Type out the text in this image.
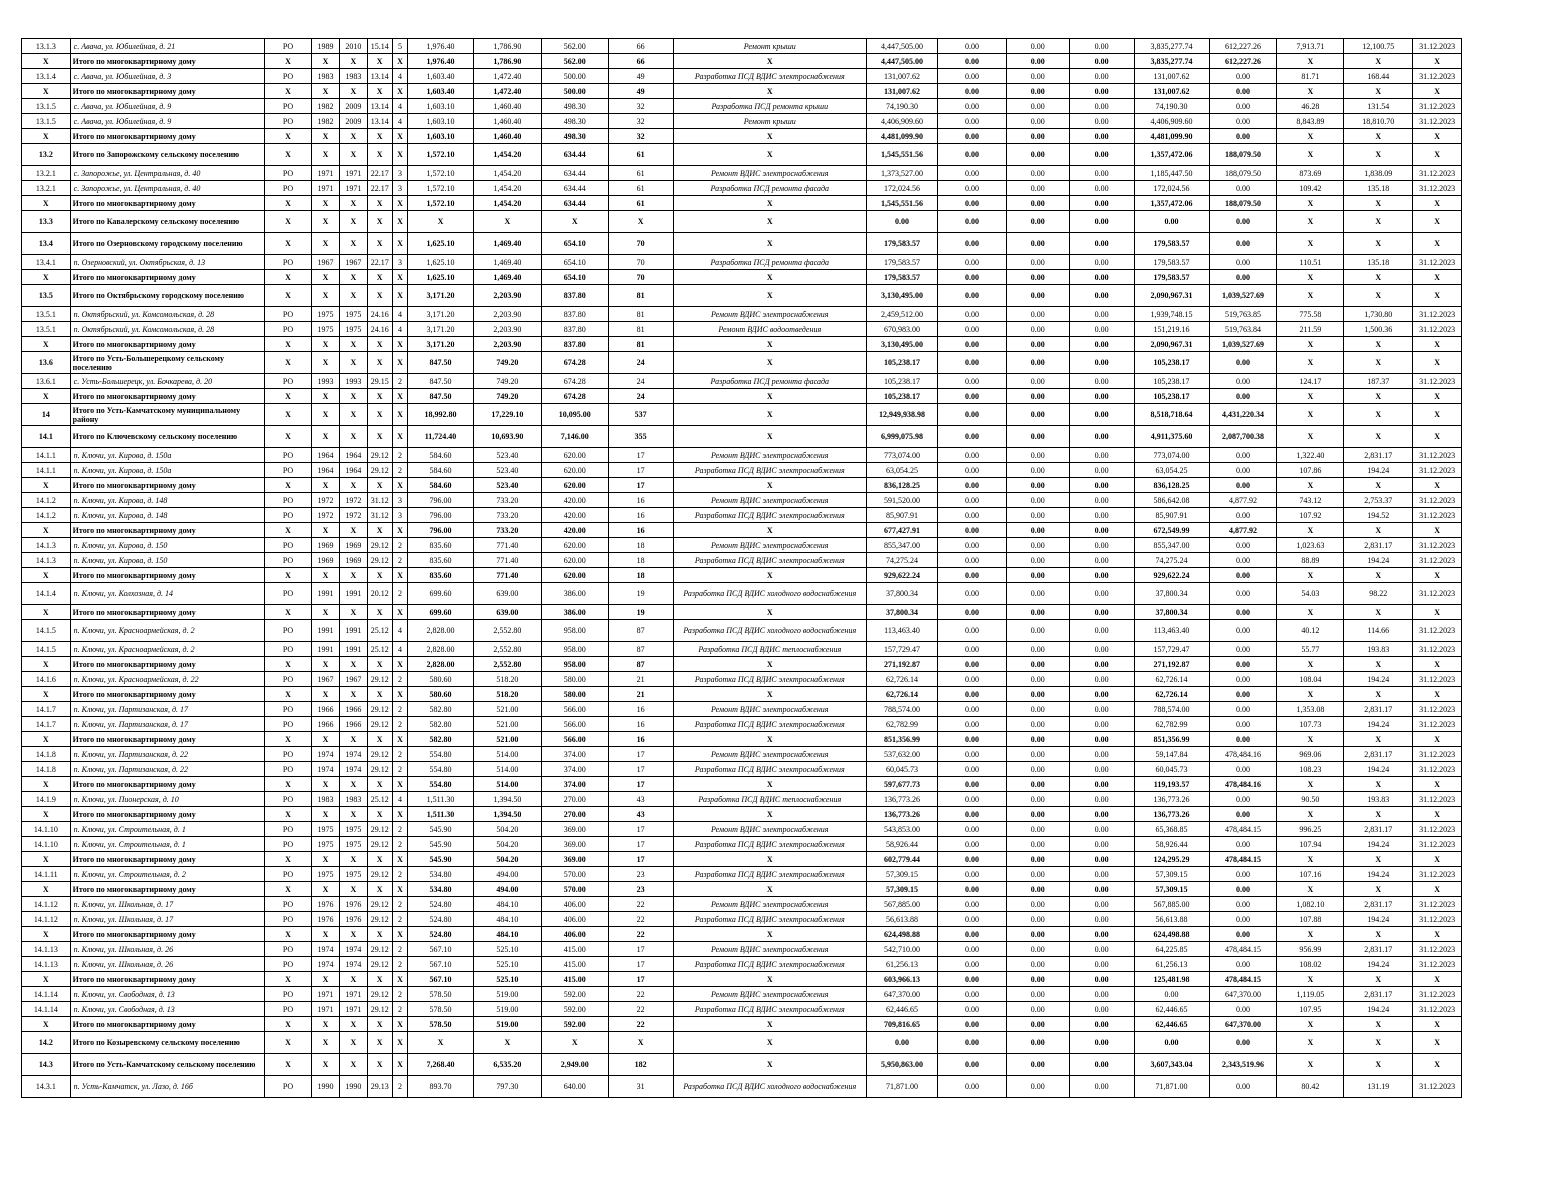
13.1.3	с. Авача, ул. Юбилейная, д. 21	РО	1989	2010	15.14	5	1,976.40	1,786.90	562.00	66	Ремонт крыши	4,447,505.00	0.00	0.00	0.00	3,835,277.74	612,227.26	7,913.71	12,100.75	31.12.2023
X	Итого по многоквартирному дому	X	X	X	X	X	1,976.40	1,786.90	562.00	66	X	4,447,505.00	0.00	0.00	0.00	3,835,277.74	612,227.26	X	X	X
13.1.4	с. Авача, ул. Юбилейная, д. 3	РО	1983	1983	13.14	4	1,603.40	1,472.40	500.00	49	Разработка ПСД ВДИС электроснабжения	131,007.62	0.00	0.00	0.00	131,007.62	0.00	81.71	168.44	31.12.2023
X	Итого по многоквартирному дому	X	X	X	X	X	1,603.40	1,472.40	500.00	49	X	131,007.62	0.00	0.00	0.00	131,007.62	0.00	X	X	X
13.1.5	с. Авача, ул. Юбилейная, д. 9	РО	1982	2009	13.14	4	1,603.10	1,460.40	498.30	32	Разработка ПСД ремонта крыши	74,190.30	0.00	0.00	0.00	74,190.30	0.00	46.28	131.54	31.12.2023
13.1.5	с. Авача, ул. Юбилейная, д. 9	РО	1982	2009	13.14	4	1,603.10	1,460.40	498.30	32	Ремонт крыши	4,406,909.60	0.00	0.00	0.00	4,406,909.60	0.00	8,843.89	18,810.70	31.12.2023
X	Итого по многоквартирному дому	X	X	X	X	X	1,603.10	1,460.40	498.30	32	X	4,481,099.90	0.00	0.00	0.00	4,481,099.90	0.00	X	X	X
13.2	Итого по Запорожскому сельскому поселению	X	X	X	X	X	1,572.10	1,454.20	634.44	61	X	1,545,551.56	0.00	0.00	0.00	1,357,472.06	188,079.50	X	X	X
13.2.1	с. Запорожье, ул. Центральная, д. 40	РО	1971	1971	22.17	3	1,572.10	1,454.20	634.44	61	Ремонт ВДИС электроснабжения	1,373,527.00	0.00	0.00	0.00	1,185,447.50	188,079.50	873.69	1,838.09	31.12.2023
13.2.1	с. Запорожье, ул. Центральная, д. 40	РО	1971	1971	22.17	3	1,572.10	1,454.20	634.44	61	Разработка ПСД ремонта фасада	172,024.56	0.00	0.00	0.00	172,024.56	0.00	109.42	135.18	31.12.2023
X	Итого по многоквартирному дому	X	X	X	X	X	1,572.10	1,454.20	634.44	61	X	1,545,551.56	0.00	0.00	0.00	1,357,472.06	188,079.50	X	X	X
13.3	Итого по Кавалерскому сельскому поселению	X	X	X	X	X	X	X	X	X	X	0.00	0.00	0.00	0.00	0.00	0.00	X	X	X
13.4	Итого по Озерновскому городскому поселению	X	X	X	X	X	1,625.10	1,469.40	654.10	70	X	179,583.57	0.00	0.00	0.00	179,583.57	0.00	X	X	X
13.4.1	п. Озерновский, ул. Октябрьская, д. 13	РО	1967	1967	22.17	3	1,625.10	1,469.40	654.10	70	Разработка ПСД ремонта фасада	179,583.57	0.00	0.00	0.00	179,583.57	0.00	110.51	135.18	31.12.2023
X	Итого по многоквартирному дому	X	X	X	X	X	1,625.10	1,469.40	654.10	70	X	179,583.57	0.00	0.00	0.00	179,583.57	0.00	X	X	X
13.5	Итого по Октябрьскому городскому поселению	X	X	X	X	X	3,171.20	2,203.90	837.80	81	X	3,130,495.00	0.00	0.00	0.00	2,090,967.31	1,039,527.69	X	X	X
13.5.1	п. Октябрьский, ул. Комсомольская, д. 28	РО	1975	1975	24.16	4	3,171.20	2,203.90	837.80	81	Ремонт ВДИС электроснабжения	2,459,512.00	0.00	0.00	0.00	1,939,748.15	519,763.85	775.58	1,730.80	31.12.2023
13.5.1	п. Октябрьский, ул. Комсомольская, д. 28	РО	1975	1975	24.16	4	3,171.20	2,203.90	837.80	81	Ремонт ВДИС водоотведения	670,983.00	0.00	0.00	0.00	151,219.16	519,763.84	211.59	1,500.36	31.12.2023
X	Итого по многоквартирному дому	X	X	X	X	X	3,171.20	2,203.90	837.80	81	X	3,130,495.00	0.00	0.00	0.00	2,090,967.31	1,039,527.69	X	X	X
13.6	Итого по Усть-Большерецкому сельскому поселению	X	X	X	X	X	847.50	749.20	674.28	24	X	105,238.17	0.00	0.00	0.00	105,238.17	0.00	X	X	X
13.6.1	с. Усть-Большерецк, ул. Бочкарева, д. 20	РО	1993	1993	29.15	2	847.50	749.20	674.28	24	Разработка ПСД ремонта фасада	105,238.17	0.00	0.00	0.00	105,238.17	0.00	124.17	187.37	31.12.2023
X	Итого по многоквартирному дому	X	X	X	X	X	847.50	749.20	674.28	24	X	105,238.17	0.00	0.00	0.00	105,238.17	0.00	X	X	X
14	Итого по Усть-Камчатскому муниципальному району	X	X	X	X	X	18,992.80	17,229.10	10,095.00	537	X	12,949,938.98	0.00	0.00	0.00	8,518,718.64	4,431,220.34	X	X	X
14.1	Итого по Ключевскому сельскому поселению	X	X	X	X	X	11,724.40	10,693.90	7,146.00	355	X	6,999,075.98	0.00	0.00	0.00	4,911,375.60	2,087,700.38	X	X	X
14.1.1	п. Ключи, ул. Кирова, д. 150а	РО	1964	1964	29.12	2	584.60	523.40	620.00	17	Ремонт ВДИС электроснабжения	773,074.00	0.00	0.00	0.00	773,074.00	0.00	1,322.40	2,831.17	31.12.2023
14.1.1	п. Ключи, ул. Кирова, д. 150а	РО	1964	1964	29.12	2	584.60	523.40	620.00	17	Разработка ПСД ВДИС электроснабжения	63,054.25	0.00	0.00	0.00	63,054.25	0.00	107.86	194.24	31.12.2023
X	Итого по многоквартирному дому	X	X	X	X	X	584.60	523.40	620.00	17	X	836,128.25	0.00	0.00	0.00	836,128.25	0.00	X	X	X
14.1.2	п. Ключи, ул. Кирова, д. 148	РО	1972	1972	31.12	3	796.00	733.20	420.00	16	Ремонт ВДИС электроснабжения	591,520.00	0.00	0.00	0.00	586,642.08	4,877.92	743.12	2,753.37	31.12.2023
14.1.2	п. Ключи, ул. Кирова, д. 148	РО	1972	1972	31.12	3	796.00	733.20	420.00	16	Разработка ПСД ВДИС электроснабжения	85,907.91	0.00	0.00	0.00	85,907.91	0.00	107.92	194.52	31.12.2023
X	Итого по многоквартирному дому	X	X	X	X	X	796.00	733.20	420.00	16	X	677,427.91	0.00	0.00	0.00	672,549.99	4,877.92	X	X	X
14.1.3	п. Ключи, ул. Кирова, д. 150	РО	1969	1969	29.12	2	835.60	771.40	620.00	18	Ремонт ВДИС электроснабжения	855,347.00	0.00	0.00	0.00	855,347.00	0.00	1,023.63	2,831.17	31.12.2023
14.1.3	п. Ключи, ул. Кирова, д. 150	РО	1969	1969	29.12	2	835.60	771.40	620.00	18	Разработка ПСД ВДИС электроснабжения	74,275.24	0.00	0.00	0.00	74,275.24	0.00	88.89	194.24	31.12.2023
X	Итого по многоквартирному дому	X	X	X	X	X	835.60	771.40	620.00	18	X	929,622.24	0.00	0.00	0.00	929,622.24	0.00	X	X	X
14.1.4	п. Ключи, ул. Колхозная, д. 14	РО	1991	1991	20.12	2	699.60	639.00	386.00	19	Разработка ПСД ВДИС холодного водоснабжения	37,800.34	0.00	0.00	0.00	37,800.34	0.00	54.03	98.22	31.12.2023
X	Итого по многоквартирному дому	X	X	X	X	X	699.60	639.00	386.00	19	X	37,800.34	0.00	0.00	0.00	37,800.34	0.00	X	X	X
14.1.5	п. Ключи, ул. Красноармейская, д. 2	РО	1991	1991	25.12	4	2,828.00	2,552.80	958.00	87	Разработка ПСД ВДИС холодного водоснабжения	113,463.40	0.00	0.00	0.00	113,463.40	0.00	40.12	114.66	31.12.2023
14.1.5	п. Ключи, ул. Красноармейская, д. 2	РО	1991	1991	25.12	4	2,828.00	2,552.80	958.00	87	Разработка ПСД ВДИС теплоснабжения	157,729.47	0.00	0.00	0.00	157,729.47	0.00	55.77	193.83	31.12.2023
X	Итого по многоквартирному дому	X	X	X	X	X	2,828.00	2,552.80	958.00	87	X	271,192.87	0.00	0.00	0.00	271,192.87	0.00	X	X	X
14.1.6	п. Ключи, ул. Красноармейская, д. 22	РО	1967	1967	29.12	2	580.60	518.20	580.00	21	Разработка ПСД ВДИС электроснабжения	62,726.14	0.00	0.00	0.00	62,726.14	0.00	108.04	194.24	31.12.2023
X	Итого по многоквартирному дому	X	X	X	X	X	580.60	518.20	580.00	21	X	62,726.14	0.00	0.00	0.00	62,726.14	0.00	X	X	X
14.1.7	п. Ключи, ул. Партизанская, д. 17	РО	1966	1966	29.12	2	582.80	521.00	566.00	16	Ремонт ВДИС электроснабжения	788,574.00	0.00	0.00	0.00	788,574.00	0.00	1,353.08	2,831.17	31.12.2023
14.1.7	п. Ключи, ул. Партизанская, д. 17	РО	1966	1966	29.12	2	582.80	521.00	566.00	16	Разработка ПСД ВДИС электроснабжения	62,782.99	0.00	0.00	0.00	62,782.99	0.00	107.73	194.24	31.12.2023
X	Итого по многоквартирному дому	X	X	X	X	X	582.80	521.00	566.00	16	X	851,356.99	0.00	0.00	0.00	851,356.99	0.00	X	X	X
14.1.8	п. Ключи, ул. Партизанская, д. 22	РО	1974	1974	29.12	2	554.80	514.00	374.00	17	Ремонт ВДИС электроснабжения	537,632.00	0.00	0.00	0.00	59,147.84	478,484.16	969.06	2,831.17	31.12.2023
14.1.8	п. Ключи, ул. Партизанская, д. 22	РО	1974	1974	29.12	2	554.80	514.00	374.00	17	Разработка ПСД ВДИС электроснабжения	60,045.73	0.00	0.00	0.00	60,045.73	0.00	108.23	194.24	31.12.2023
X	Итого по многоквартирному дому	X	X	X	X	X	554.80	514.00	374.00	17	X	597,677.73	0.00	0.00	0.00	119,193.57	478,484.16	X	X	X
14.1.9	п. Ключи, ул. Пионерская, д. 10	РО	1983	1983	25.12	4	1,511.30	1,394.50	270.00	43	Разработка ПСД ВДИС теплоснабжения	136,773.26	0.00	0.00	0.00	136,773.26	0.00	90.50	193.83	31.12.2023
X	Итого по многоквартирному дому	X	X	X	X	X	1,511.30	1,394.50	270.00	43	X	136,773.26	0.00	0.00	0.00	136,773.26	0.00	X	X	X
14.1.10	п. Ключи, ул. Строительная, д. 1	РО	1975	1975	29.12	2	545.90	504.20	369.00	17	Ремонт ВДИС электроснабжения	543,853.00	0.00	0.00	0.00	65,368.85	478,484.15	996.25	2,831.17	31.12.2023
14.1.10	п. Ключи, ул. Строительная, д. 1	РО	1975	1975	29.12	2	545.90	504.20	369.00	17	Разработка ПСД ВДИС электроснабжения	58,926.44	0.00	0.00	0.00	58,926.44	0.00	107.94	194.24	31.12.2023
X	Итого по многоквартирному дому	X	X	X	X	X	545.90	504.20	369.00	17	X	602,779.44	0.00	0.00	0.00	124,295.29	478,484.15	X	X	X
14.1.11	п. Ключи, ул. Строительная, д. 2	РО	1975	1975	29.12	2	534.80	494.00	570.00	23	Разработка ПСД ВДИС электроснабжения	57,309.15	0.00	0.00	0.00	57,309.15	0.00	107.16	194.24	31.12.2023
X	Итого по многоквартирному дому	X	X	X	X	X	534.80	494.00	570.00	23	X	57,309.15	0.00	0.00	0.00	57,309.15	0.00	X	X	X
14.1.12	п. Ключи, ул. Школьная, д. 17	РО	1976	1976	29.12	2	524.80	484.10	406.00	22	Ремонт ВДИС электроснабжения	567,885.00	0.00	0.00	0.00	567,885.00	0.00	1,082.10	2,831.17	31.12.2023
14.1.12	п. Ключи, ул. Школьная, д. 17	РО	1976	1976	29.12	2	524.80	484.10	406.00	22	Разработка ПСД ВДИС электроснабжения	56,613.88	0.00	0.00	0.00	56,613.88	0.00	107.88	194.24	31.12.2023
X	Итого по многоквартирному дому	X	X	X	X	X	524.80	484.10	406.00	22	X	624,498.88	0.00	0.00	0.00	624,498.88	0.00	X	X	X
14.1.13	п. Ключи, ул. Школьная, д. 26	РО	1974	1974	29.12	2	567.10	525.10	415.00	17	Ремонт ВДИС электроснабжения	542,710.00	0.00	0.00	0.00	64,225.85	478,484.15	956.99	2,831.17	31.12.2023
14.1.13	п. Ключи, ул. Школьная, д. 26	РО	1974	1974	29.12	2	567.10	525.10	415.00	17	Разработка ПСД ВДИС электроснабжения	61,256.13	0.00	0.00	0.00	61,256.13	0.00	108.02	194.24	31.12.2023
X	Итого по многоквартирному дому	X	X	X	X	X	567.10	525.10	415.00	17	X	603,966.13	0.00	0.00	0.00	125,481.98	478,484.15	X	X	X
14.1.14	п. Ключи, ул. Свободная, д. 13	РО	1971	1971	29.12	2	578.50	519.00	592.00	22	Ремонт ВДИС электроснабжения	647,370.00	0.00	0.00	0.00	0.00	647,370.00	1,119.05	2,831.17	31.12.2023
14.1.14	п. Ключи, ул. Свободная, д. 13	РО	1971	1971	29.12	2	578.50	519.00	592.00	22	Разработка ПСД ВДИС электроснабжения	62,446.65	0.00	0.00	0.00	62,446.65	0.00	107.95	194.24	31.12.2023
X	Итого по многоквартирному дому	X	X	X	X	X	578.50	519.00	592.00	22	X	709,816.65	0.00	0.00	0.00	62,446.65	647,370.00	X	X	X
14.2	Итого по Козыревскому сельскому поселению	X	X	X	X	X	X	X	X	X	X	0.00	0.00	0.00	0.00	0.00	0.00	X	X	X
14.3	Итого по Усть-Камчатскому сельскому поселению	X	X	X	X	X	7,268.40	6,535.20	2,949.00	182	X	5,950,863.00	0.00	0.00	0.00	3,607,343.04	2,343,519.96	X	X	X
14.3.1	п. Усть-Камчатск, ул. Лазо, д. 16б	РО	1990	1990	29.13	2	893.70	797.30	640.00	31	Разработка ПСД ВДИС холодного водоснабжения	71,871.00	0.00	0.00	0.00	71,871.00	0.00	80.42	131.19	31.12.2023
